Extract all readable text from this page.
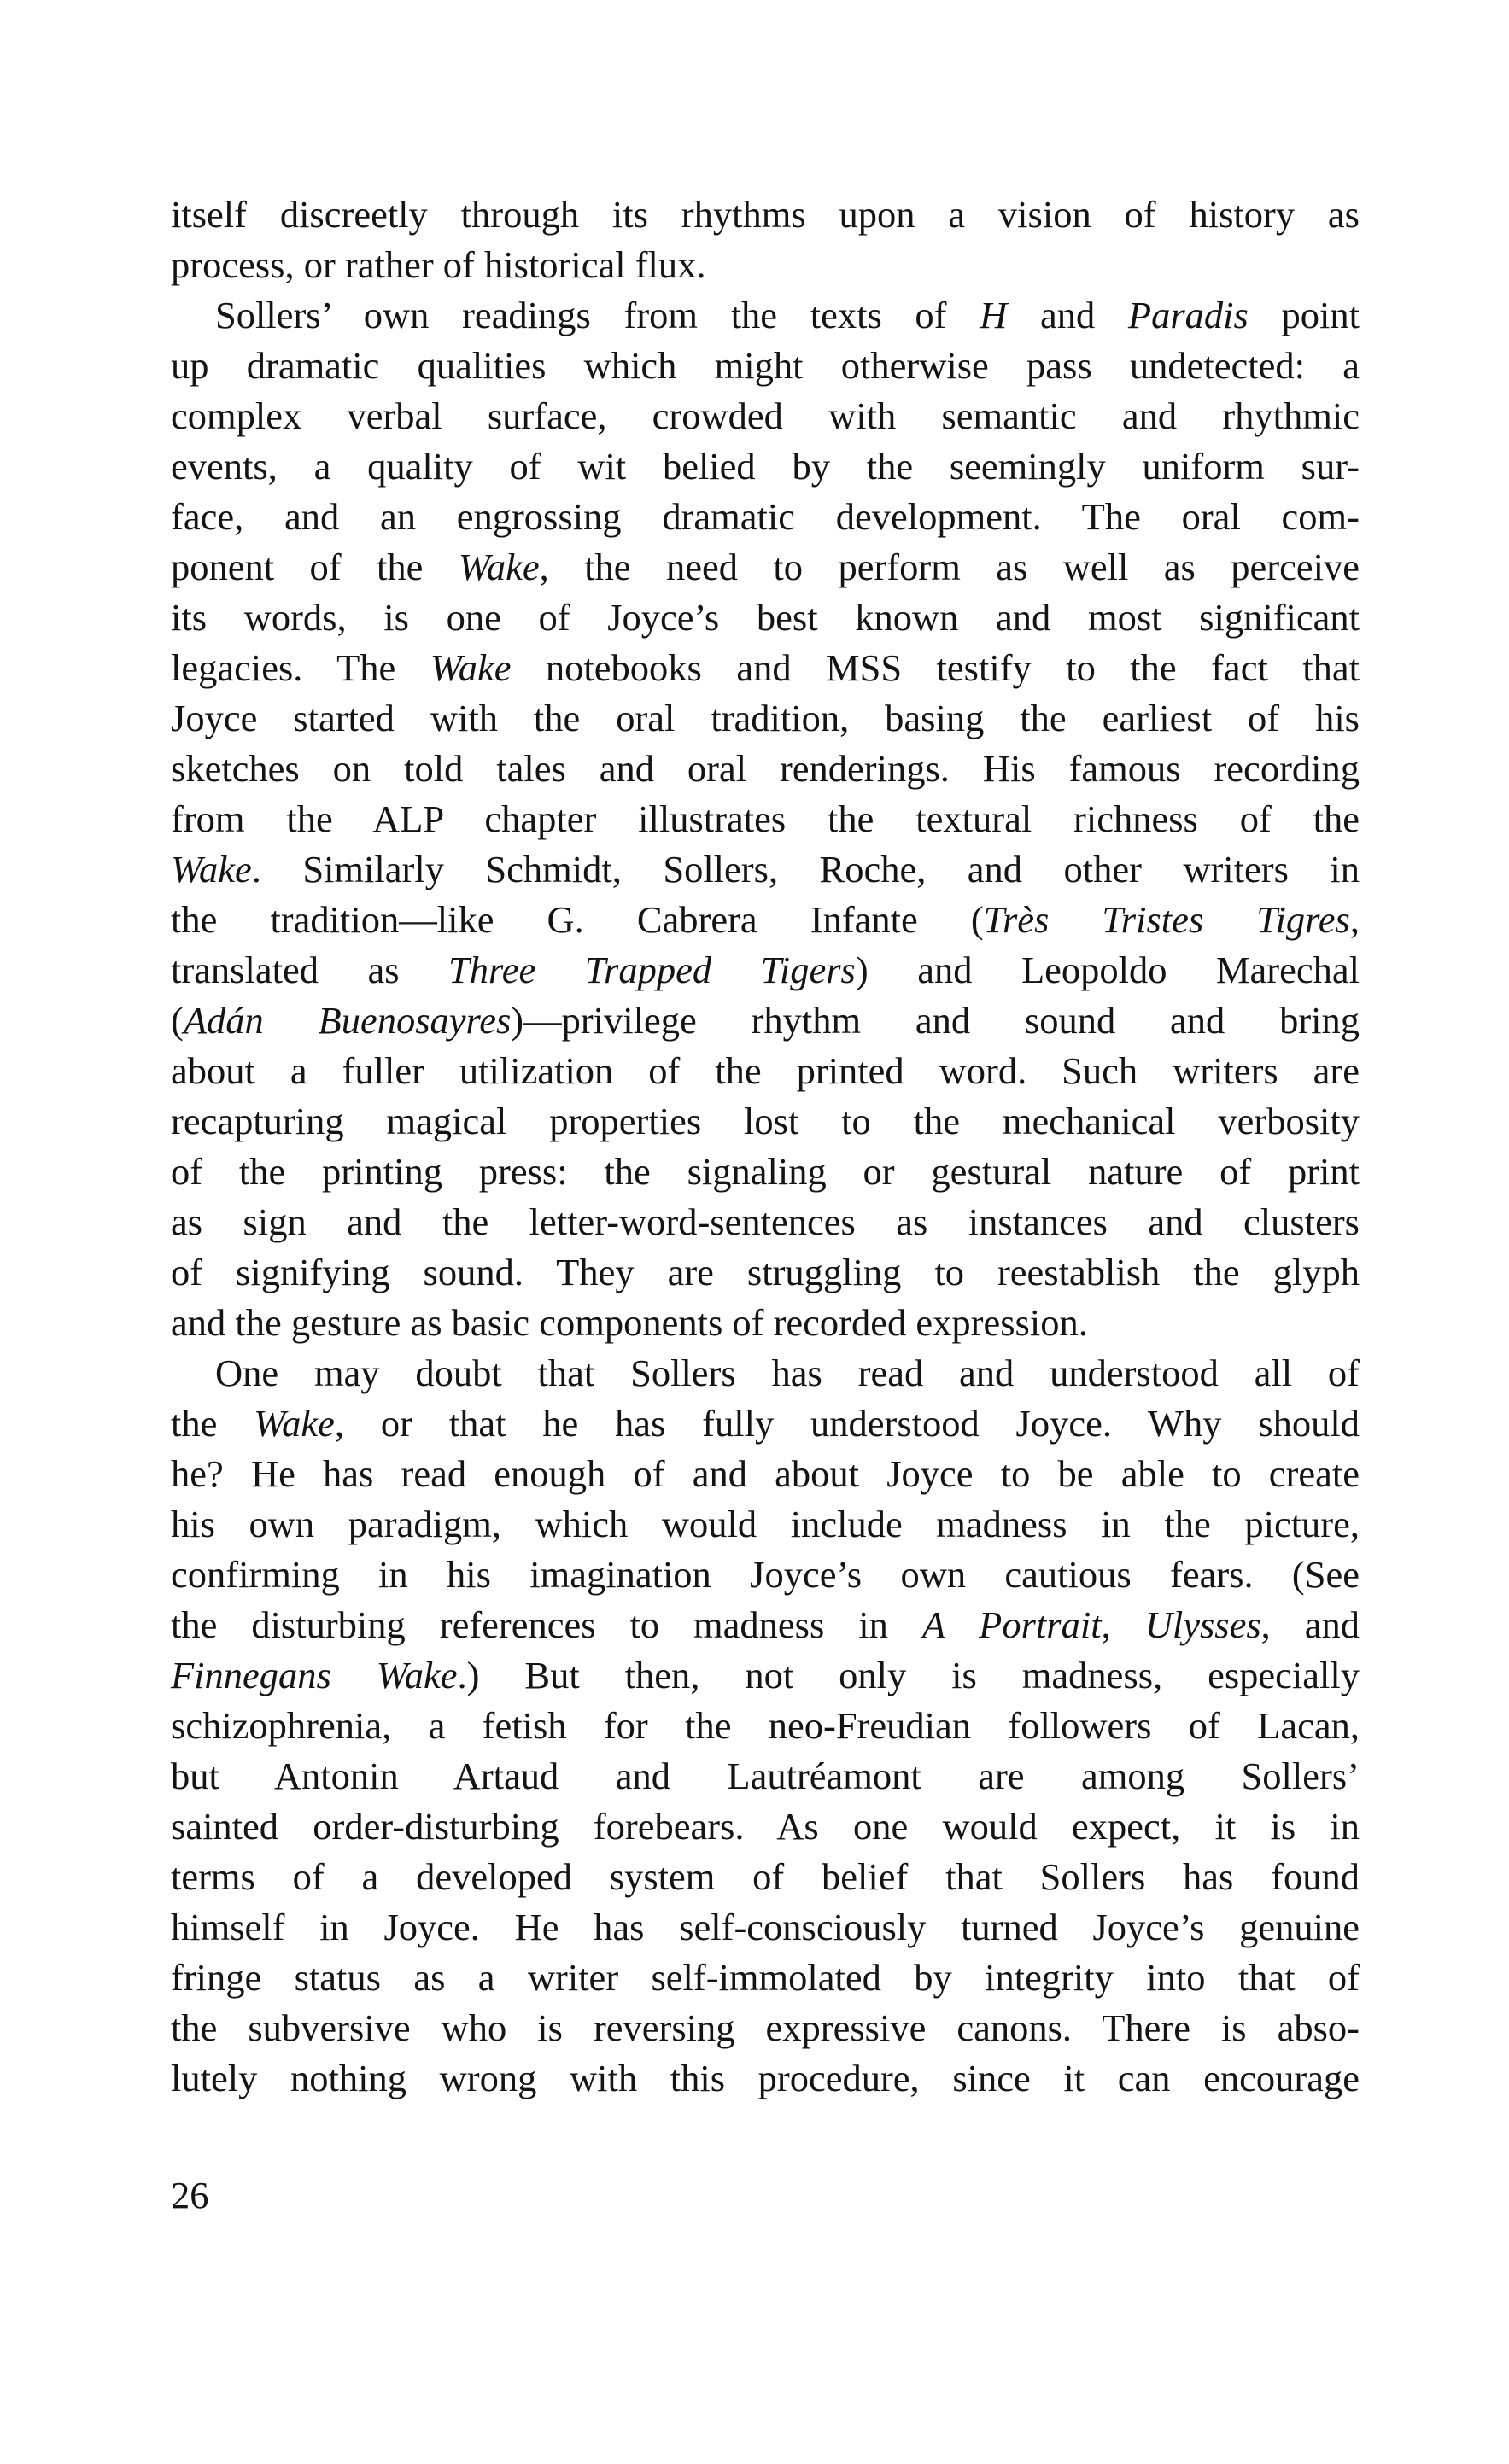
itself discreetly through its rhythms upon a vision of history as
process, or rather of historical flux.
Sollers’ own readings from the texts of H and Paradis point
up dramatic qualities which might otherwise pass undetected: a
complex verbal surface, crowded with semantic and rhythmic
events, a quality of wit belied by the seemingly uniform sur-
face, and an engrossing dramatic development. The oral com-
ponent of the Wake, the need to perform as well as perceive
its words, is one of Joyce’s best known and most significant
legacies. The Wake notebooks and MSS testify to the fact that
Joyce started with the oral tradition, basing the earliest of his
sketches on told tales and oral renderings. His famous recording
from the ALP chapter illustrates the textural richness of the
Wake. Similarly Schmidt, Sollers, Roche, and other writers in
the tradition—like G. Cabrera Infante (Très Tristes Tigres,
translated as Three Trapped Tigers) and Leopoldo Marechal
(Adán Buenosayres)—privilege rhythm and sound and bring
about a fuller utilization of the printed word. Such writers are
recapturing magical properties lost to the mechanical verbosity
of the printing press: the signaling or gestural nature of print
as sign and the letter-word-sentences as instances and clusters
of signifying sound. They are struggling to reestablish the glyph
and the gesture as basic components of recorded expression.
One may doubt that Sollers has read and understood all of
the Wake, or that he has fully understood Joyce. Why should
he? He has read enough of and about Joyce to be able to create
his own paradigm, which would include madness in the picture,
confirming in his imagination Joyce’s own cautious fears. (See
the disturbing references to madness in A Portrait, Ulysses, and
Finnegans Wake.) But then, not only is madness, especially
schizophrenia, a fetish for the neo-Freudian followers of Lacan,
but Antonin Artaud and Lautréamont are among Sollers’
sainted order-disturbing forebears. As one would expect, it is in
terms of a developed system of belief that Sollers has found
himself in Joyce. He has self-consciously turned Joyce’s genuine
fringe status as a writer self-immolated by integrity into that of
the subversive who is reversing expressive canons. There is abso-
lutely nothing wrong with this procedure, since it can encourage
26
